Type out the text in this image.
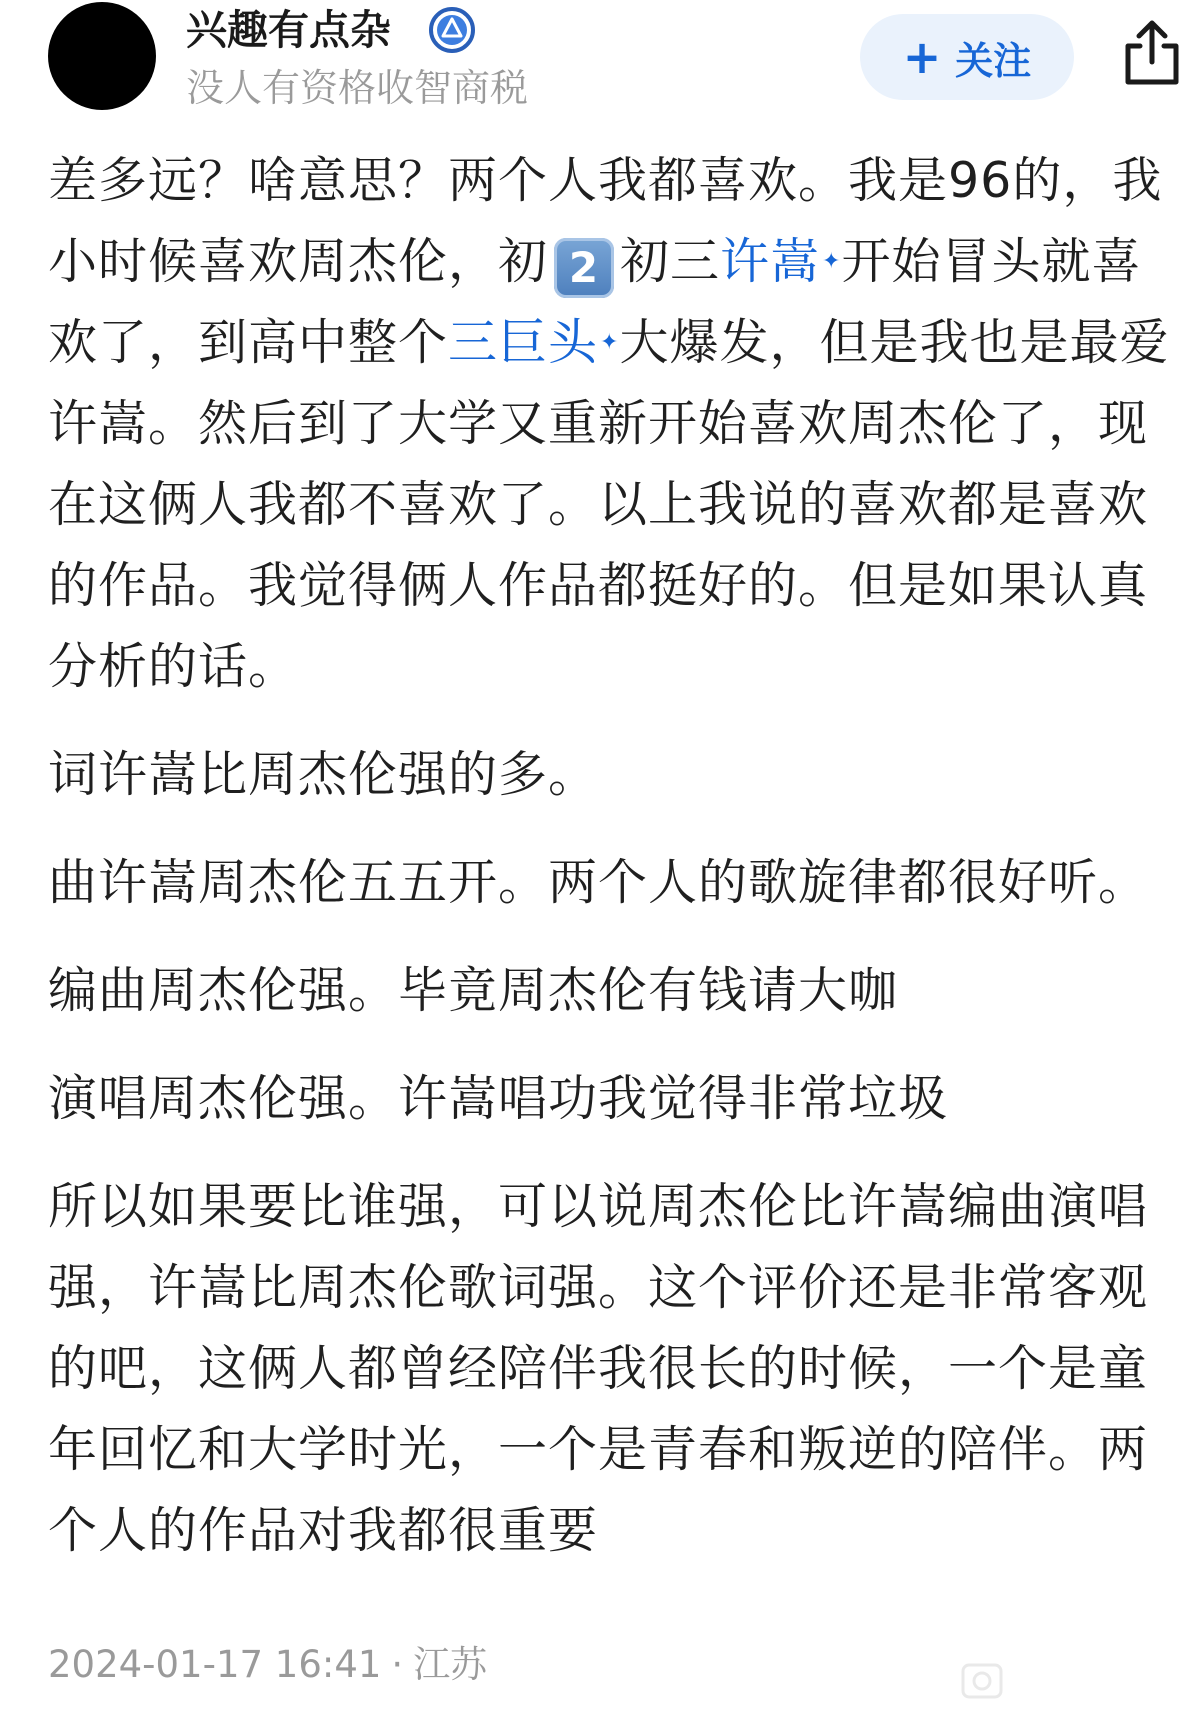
兴趣有点杂
没人有资格收智商税
+ 关注

差多远？啥意思？两个人我都喜欢。我是96的，我小时候喜欢周杰伦，初 2 初三许嵩✦开始冒头就喜欢了，到高中整个三巨头✦大爆发，但是我也是最爱许嵩。然后到了大学又重新开始喜欢周杰伦了，现在这俩人我都不喜欢了。以上我说的喜欢都是喜欢的作品。我觉得俩人作品都挺好的。但是如果认真分析的话。

词许嵩比周杰伦强的多。

曲许嵩周杰伦五五开。两个人的歌旋律都很好听。

编曲周杰伦强。毕竟周杰伦有钱请大咖

演唱周杰伦强。许嵩唱功我觉得非常垃圾

所以如果要比谁强，可以说周杰伦比许嵩编曲演唱强，许嵩比周杰伦歌词强。这个评价还是非常客观的吧，这俩人都曾经陪伴我很长的时候，一个是童年回忆和大学时光，一个是青春和叛逆的陪伴。两个人的作品对我都很重要

2024-01-17 16:41 · 江苏
